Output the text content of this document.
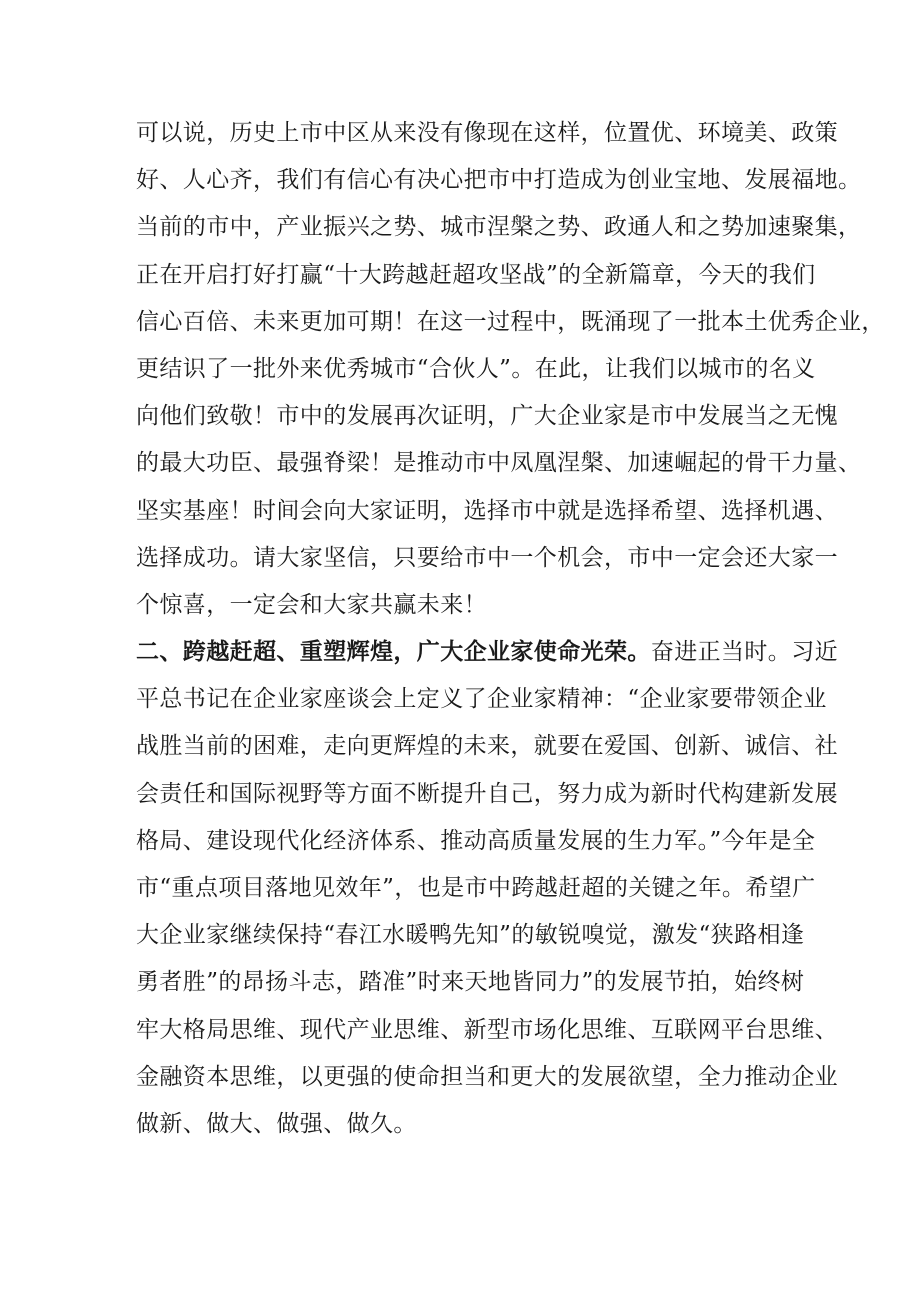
可以说，历史上市中区从来没有像现在这样，位置优、环境美、政策
好、人心齐，我们有信心有决心把市中打造成为创业宝地、发展福地。
当前的市中，产业振兴之势、城市涅槃之势、政通人和之势加速聚集，
正在开启打好打赢“十大跨越赶超攻坚战”的全新篇章，今天的我们
信心百倍、未来更加可期！在这一过程中，既涌现了一批本土优秀企业，
更结识了一批外来优秀城市“合伙人”。在此，让我们以城市的名义
向他们致敬！市中的发展再次证明，广大企业家是市中发展当之无愧
的最大功臣、最强脊梁！是推动市中凤凰涅槃、加速崛起的骨干力量、
坚实基座！时间会向大家证明，选择市中就是选择希望、选择机遇、
选择成功。请大家坚信，只要给市中一个机会，市中一定会还大家一
个惊喜，一定会和大家共赢未来！
二、跨越赶超、重塑辉煌，广大企业家使命光荣。奋进正当时。习近
平总书记在企业家座谈会上定义了企业家精神：“企业家要带领企业
战胜当前的困难，走向更辉煌的未来，就要在爱国、创新、诚信、社
会责任和国际视野等方面不断提升自己，努力成为新时代构建新发展
格局、建设现代化经济体系、推动高质量发展的生力军。”今年是全
市“重点项目落地见效年”，也是市中跨越赶超的关键之年。希望广
大企业家继续保持“春江水暖鸭先知”的敏锐嗅觉，激发“狭路相逢
勇者胜”的昂扬斗志，踏准”时来天地皆同力”的发展节拍，始终树
牢大格局思维、现代产业思维、新型市场化思维、互联网平台思维、
金融资本思维，以更强的使命担当和更大的发展欲望，全力推动企业
做新、做大、做强、做久。
